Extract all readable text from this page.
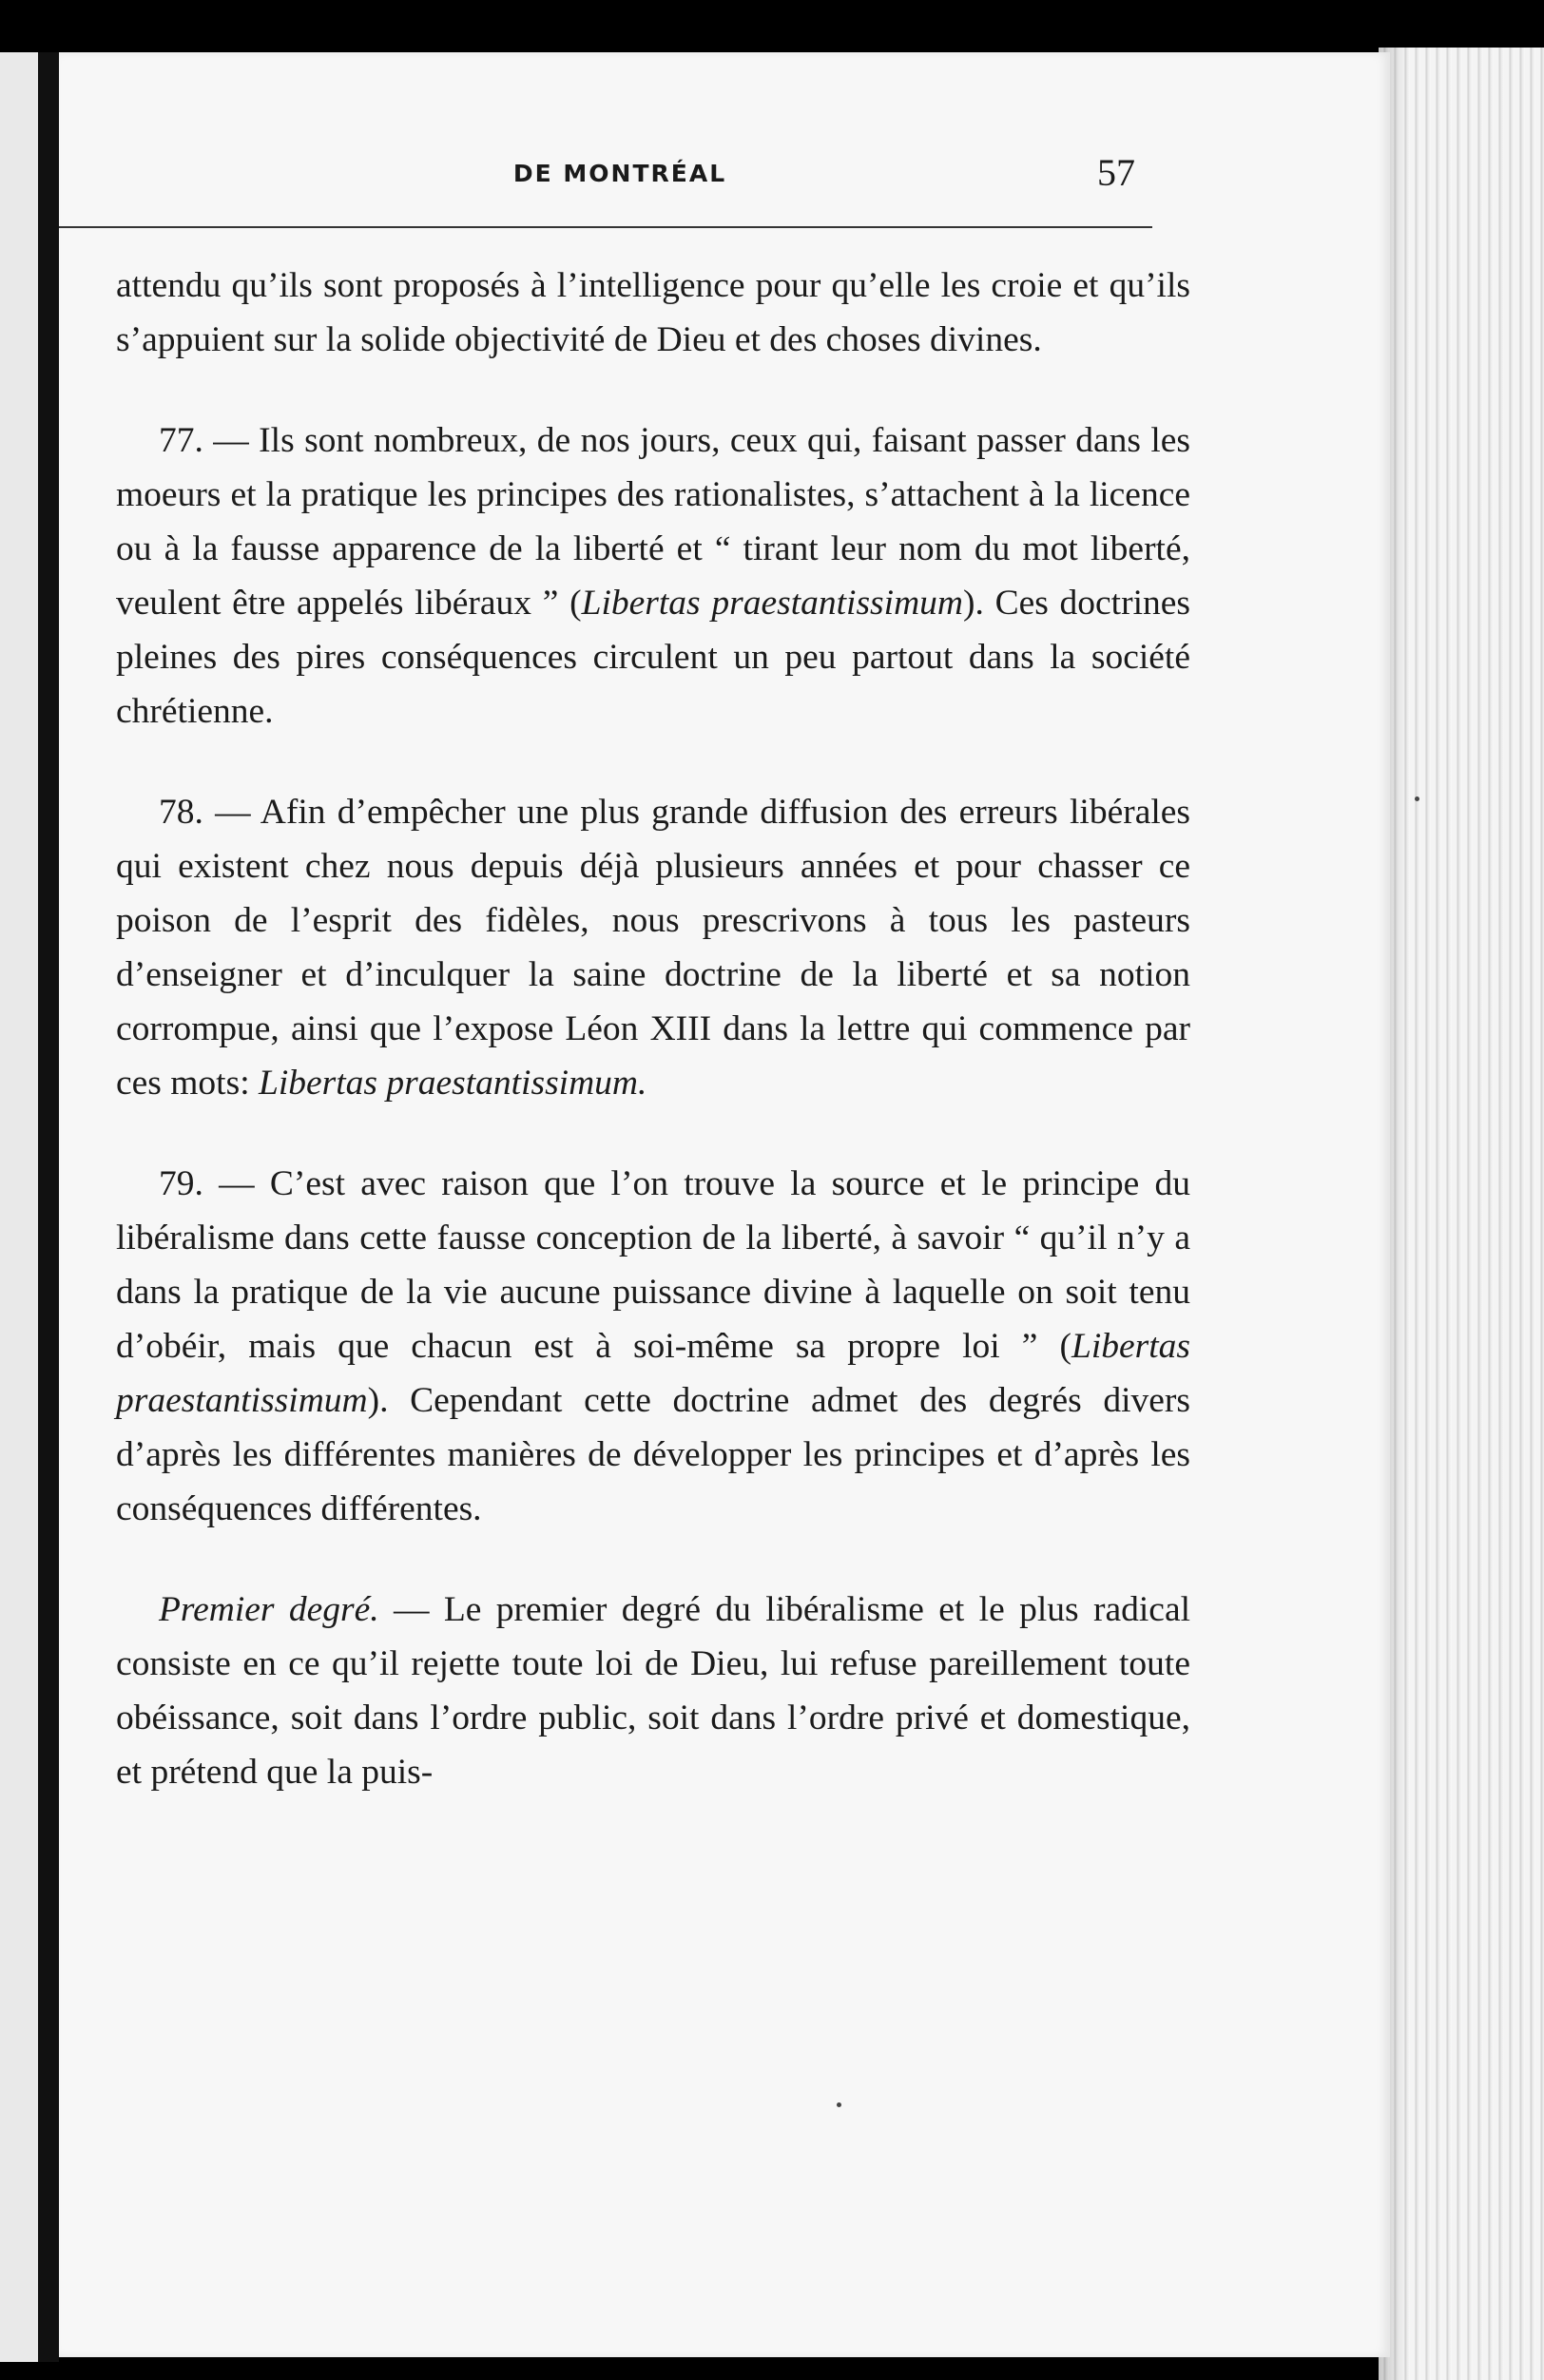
DE MONTRÉAL	57

attendu qu’ils sont proposés à l’intelligence pour qu’elle les croie et qu’ils s’appuient sur la solide objectivité de Dieu et des choses divines.

77. — Ils sont nombreux, de nos jours, ceux qui, faisant passer dans les moeurs et la pratique les principes des rationalistes, s’attachent à la licence ou à la fausse apparence de la liberté et “ tirant leur nom du mot liberté, veulent être appelés libéraux ” (Libertas praestantissimum). Ces doctrines pleines des pires conséquences circulent un peu partout dans la société chrétienne.

78. — Afin d’empêcher une plus grande diffusion des erreurs libérales qui existent chez nous depuis déjà plusieurs années et pour chasser ce poison de l’esprit des fidèles, nous prescrivons à tous les pasteurs d’enseigner et d’inculquer la saine doctrine de la liberté et sa notion corrompue, ainsi que l’expose Léon XIII dans la lettre qui commence par ces mots: Libertas praestantissimum.

79. — C’est avec raison que l’on trouve la source et le principe du libéralisme dans cette fausse conception de la liberté, à savoir “ qu’il n’y a dans la pratique de la vie aucune puissance divine à laquelle on soit tenu d’obéir, mais que chacun est à soi-même sa propre loi ” (Libertas praestantissimum). Cependant cette doctrine admet des degrés divers d’après les différentes manières de développer les principes et d’après les conséquences différentes.

Premier degré. — Le premier degré du libéralisme et le plus radical consiste en ce qu’il rejette toute loi de Dieu, lui refuse pareillement toute obéissance, soit dans l’ordre public, soit dans l’ordre privé et domestique, et prétend que la puis-
